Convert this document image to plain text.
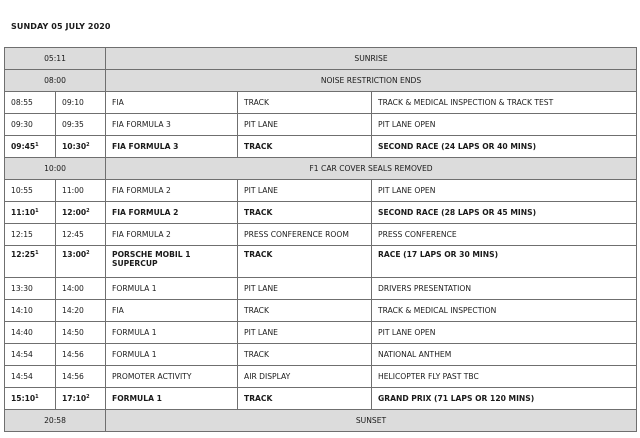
SUNDAY 05 JULY 2020
05:11		SUNRISE		
08:00		NOISE RESTRICTION ENDS		
08:55	09:10	FIA	TRACK	TRACK & MEDICAL INSPECTION & TRACK TEST
09:30	09:35	FIA FORMULA 3	PIT LANE	PIT LANE OPEN
$09:45^1$	$10:30^2$	FIA FORMULA 3	TRACK	SECOND RACE (24 LAPS OR 40 MINS)
10:00		F1 CAR COVER SEALS REMOVED		
10:55	11:00	FIA FORMULA 2	PIT LANE	PIT LANE OPEN
$11:10^1$	$12:00^2$	FIA FORMULA 2	TRACK	SECOND RACE (28 LAPS OR 45 MINS)
12:15	12:45	FIA FORMULA 2	PRESS CONFERENCE ROOM	PRESS CONFERENCE
$12:25^1$	$13:00^2$	PORSCHE MOBIL 1 SUPERCUP	TRACK	RACE (17 LAPS OR 30 MINS)
13:30	14:00	FORMULA 1	PIT LANE	DRIVERS PRESENTATION
14:10	14:20	FIA	TRACK	TRACK & MEDICAL INSPECTION
14:40	14:50	FORMULA 1	PIT LANE	PIT LANE OPEN
14:54	14:56	FORMULA 1	TRACK	NATIONAL ANTHEM
14:54	14:56	PROMOTER ACTIVITY	AIR DISPLAY	HELICOPTER FLY PAST TBC
$15:10^1$	$17:10^2$	FORMULA 1	TRACK	GRAND PRIX (71 LAPS OR 120 MINS)
20:58		SUNSET		
